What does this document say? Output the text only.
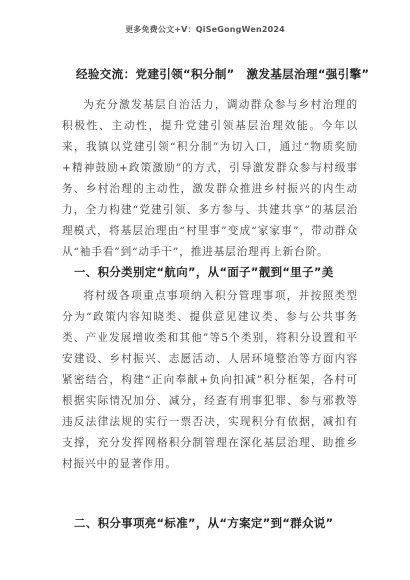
更多免费公文+V：QiSeGongWen2024
经验交流：党建引领“积分制”　激发基层治理“强引擎”
为充分激发基层自治活力，调动群众参与乡村治理的积极性、主动性，提升党建引领基层治理效能。今年以来，我镇以党建引领“积分制”为切入口，通过“物质奖励+精神鼓励+政策激励”的方式，引导激发群众参与村级事务、乡村治理的主动性，激发群众推进乡村振兴的内生动力，全力构建“党建引领、多方参与、共建共享”的基层治理模式，将基层治理由“村里事”变成“家家事”，带动群众从“袖手看”到“动手干”，推进基层治理再上新台阶。
一、积分类别定“航向”，从“面子”靓到“里子”美
将村级各项重点事项纳入积分管理事项，并按照类型分为“政策内容知晓类、提供意见建议类、参与公共事务类、产业发展增收类和其他”等5个类别，将积分设置和平安建设、乡村振兴、志愿活动、人居环境整治等方面内容紧密结合，构建“正向奉献+负向扣减”积分框架，各村可根据实际情况加分、减分，经查有刑事犯罪、参与邪教等违反法律法规的实行一票否决，实现积分有依据，减扣有支撑，充分发挥网格积分制管理在深化基层治理、助推乡村振兴中的显著作用。
二、积分事项亮“标准”，从“方案定”到“群众说”
